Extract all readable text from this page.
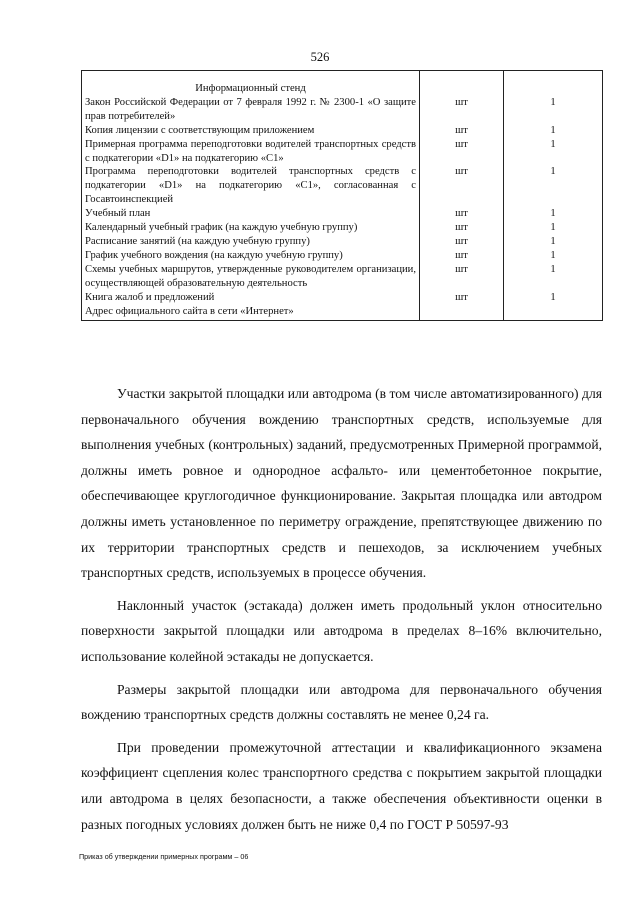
526
Информационный стенд
Закон Российской Федерации от 7 февраля 1992 г. № 2300-1 «О защите прав потребителей»	шт	1
Копия лицензии с соответствующим приложением	шт	1
Примерная программа переподготовки водителей транспортных средств с подкатегории «D1» на подкатегорию «C1»	шт	1
Программа переподготовки водителей транспортных средств с подкатегории «D1» на подкатегорию «C1», согласованная с Госавтоинспекцией	шт	1
Учебный план	шт	1
Календарный учебный график (на каждую учебную группу)	шт	1
Расписание занятий (на каждую учебную группу)	шт	1
График учебного вождения (на каждую учебную группу)	шт	1
Схемы учебных маршрутов, утвержденные руководителем организации, осуществляющей образовательную деятельность	шт	1
Книга жалоб и предложений	шт	1
Адрес официального сайта в сети «Интернет»		

Участки закрытой площадки или автодрома (в том числе автоматизированного) для первоначального обучения вождению транспортных средств, используемые для выполнения учебных (контрольных) заданий, предусмотренных Примерной программой, должны иметь ровное и однородное асфальто- или цементобетонное покрытие, обеспечивающее круглогодичное функционирование. Закрытая площадка или автодром должны иметь установленное по периметру ограждение, препятствующее движению по их территории транспортных средств и пешеходов, за исключением учебных транспортных средств, используемых в процессе обучения.

Наклонный участок (эстакада) должен иметь продольный уклон относительно поверхности закрытой площадки или автодрома в пределах 8–16% включительно, использование колейной эстакады не допускается.

Размеры закрытой площадки или автодрома для первоначального обучения вождению транспортных средств должны составлять не менее 0,24 га.

При проведении промежуточной аттестации и квалификационного экзамена коэффициент сцепления колес транспортного средства с покрытием закрытой площадки или автодрома в целях безопасности, а также обеспечения объективности оценки в разных погодных условиях должен быть не ниже 0,4 по ГОСТ Р 50597-93

Приказ об утверждении примерных программ – 06
